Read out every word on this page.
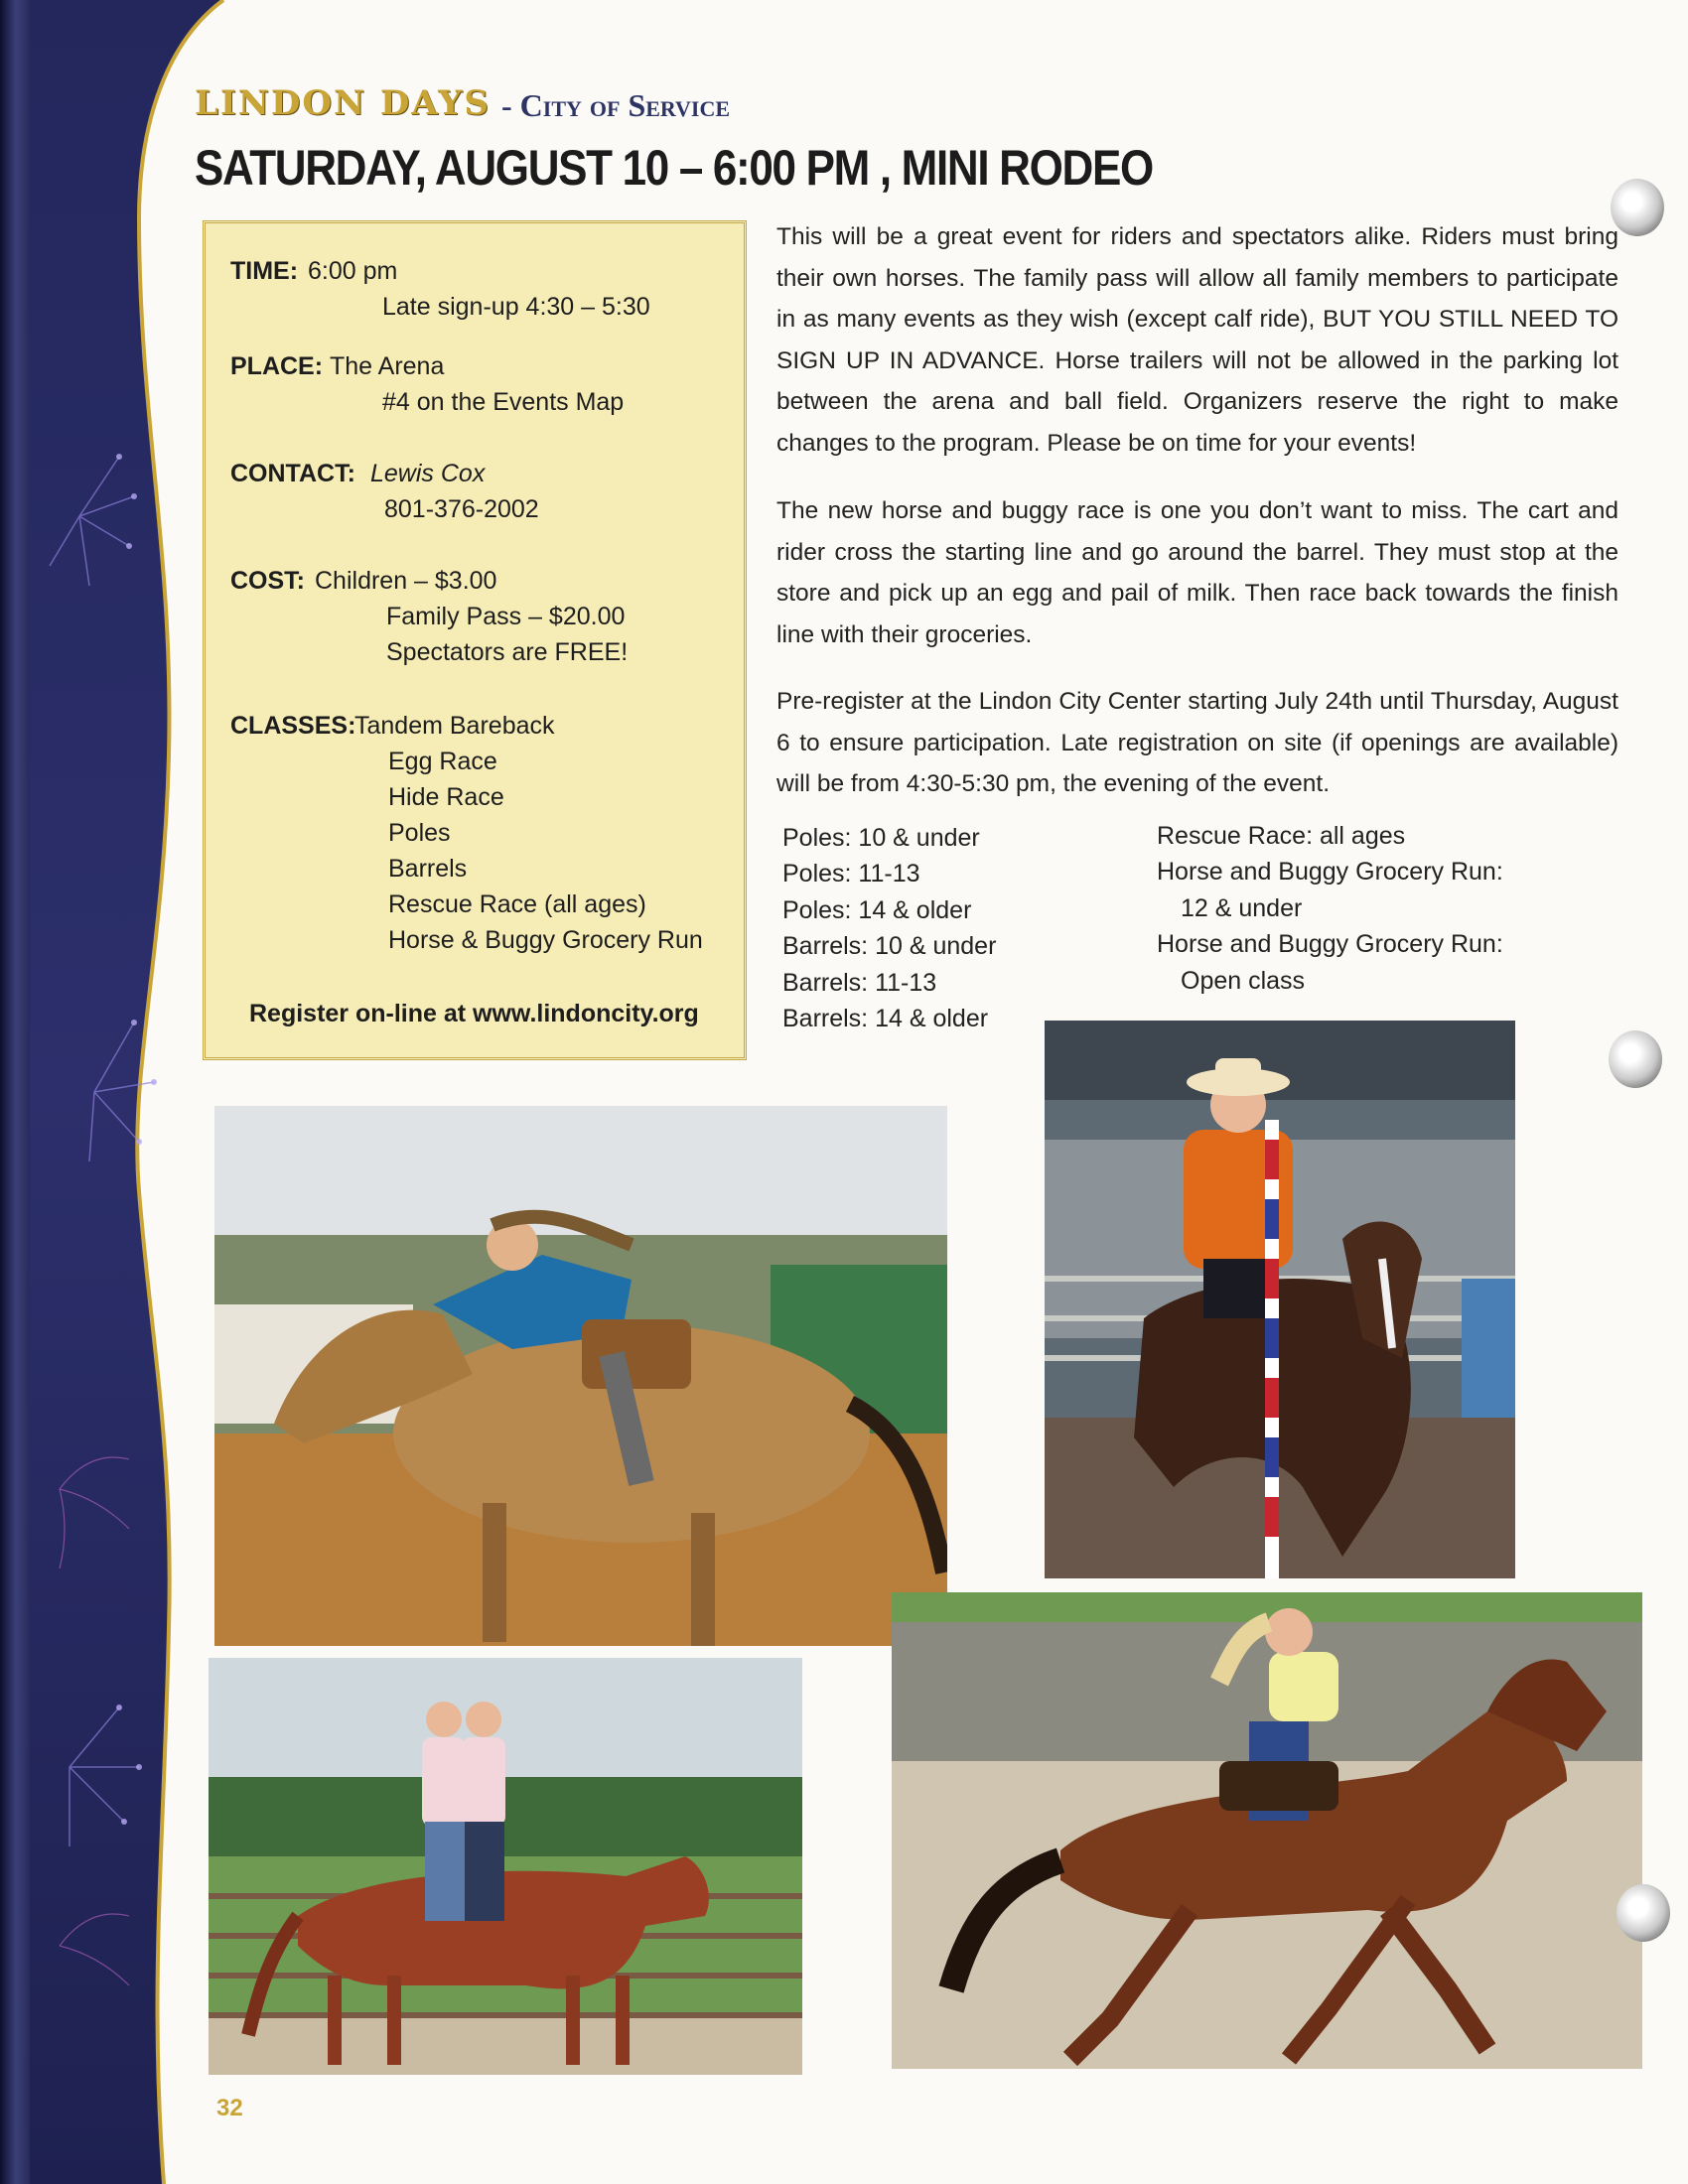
LINDON DAYS - City of Service
SATURDAY, AUGUST 10 – 6:00 PM , MINI RODEO
TIME: 6:00 pm
Late sign-up 4:30 – 5:30
PLACE: The Arena
#4 on the Events Map
CONTACT: Lewis Cox
801-376-2002
COST: Children – $3.00
Family Pass – $20.00
Spectators are FREE!
CLASSES:
Tandem Bareback
Egg Race
Hide Race
Poles
Barrels
Rescue Race (all ages)
Horse & Buggy Grocery Run
Register on-line at www.lindoncity.org
This will be a great event for riders and spectators alike. Riders must bring their own horses. The family pass will allow all family members to participate in as many events as they wish (except calf ride), BUT YOU STILL NEED TO SIGN UP IN ADVANCE. Horse trailers will not be allowed in the parking lot between the arena and ball field. Organizers reserve the right to make changes to the program. Please be on time for your events!
The new horse and buggy race is one you don’t want to miss. The cart and rider cross the starting line and go around the barrel. They must stop at the store and pick up an egg and pail of milk. Then race back towards the finish line with their groceries.
Pre-register at the Lindon City Center starting July 24th until Thursday, August 6 to ensure participation. Late registration on site (if openings are available) will be from 4:30-5:30 pm, the evening of the event.
Poles: 10 & under
Poles: 11-13
Poles: 14 & older
Barrels: 10 & under
Barrels: 11-13
Barrels: 14 & older
Rescue Race: all ages
Horse and Buggy Grocery Run:
12 & under
Horse and Buggy Grocery Run:
Open class
32
